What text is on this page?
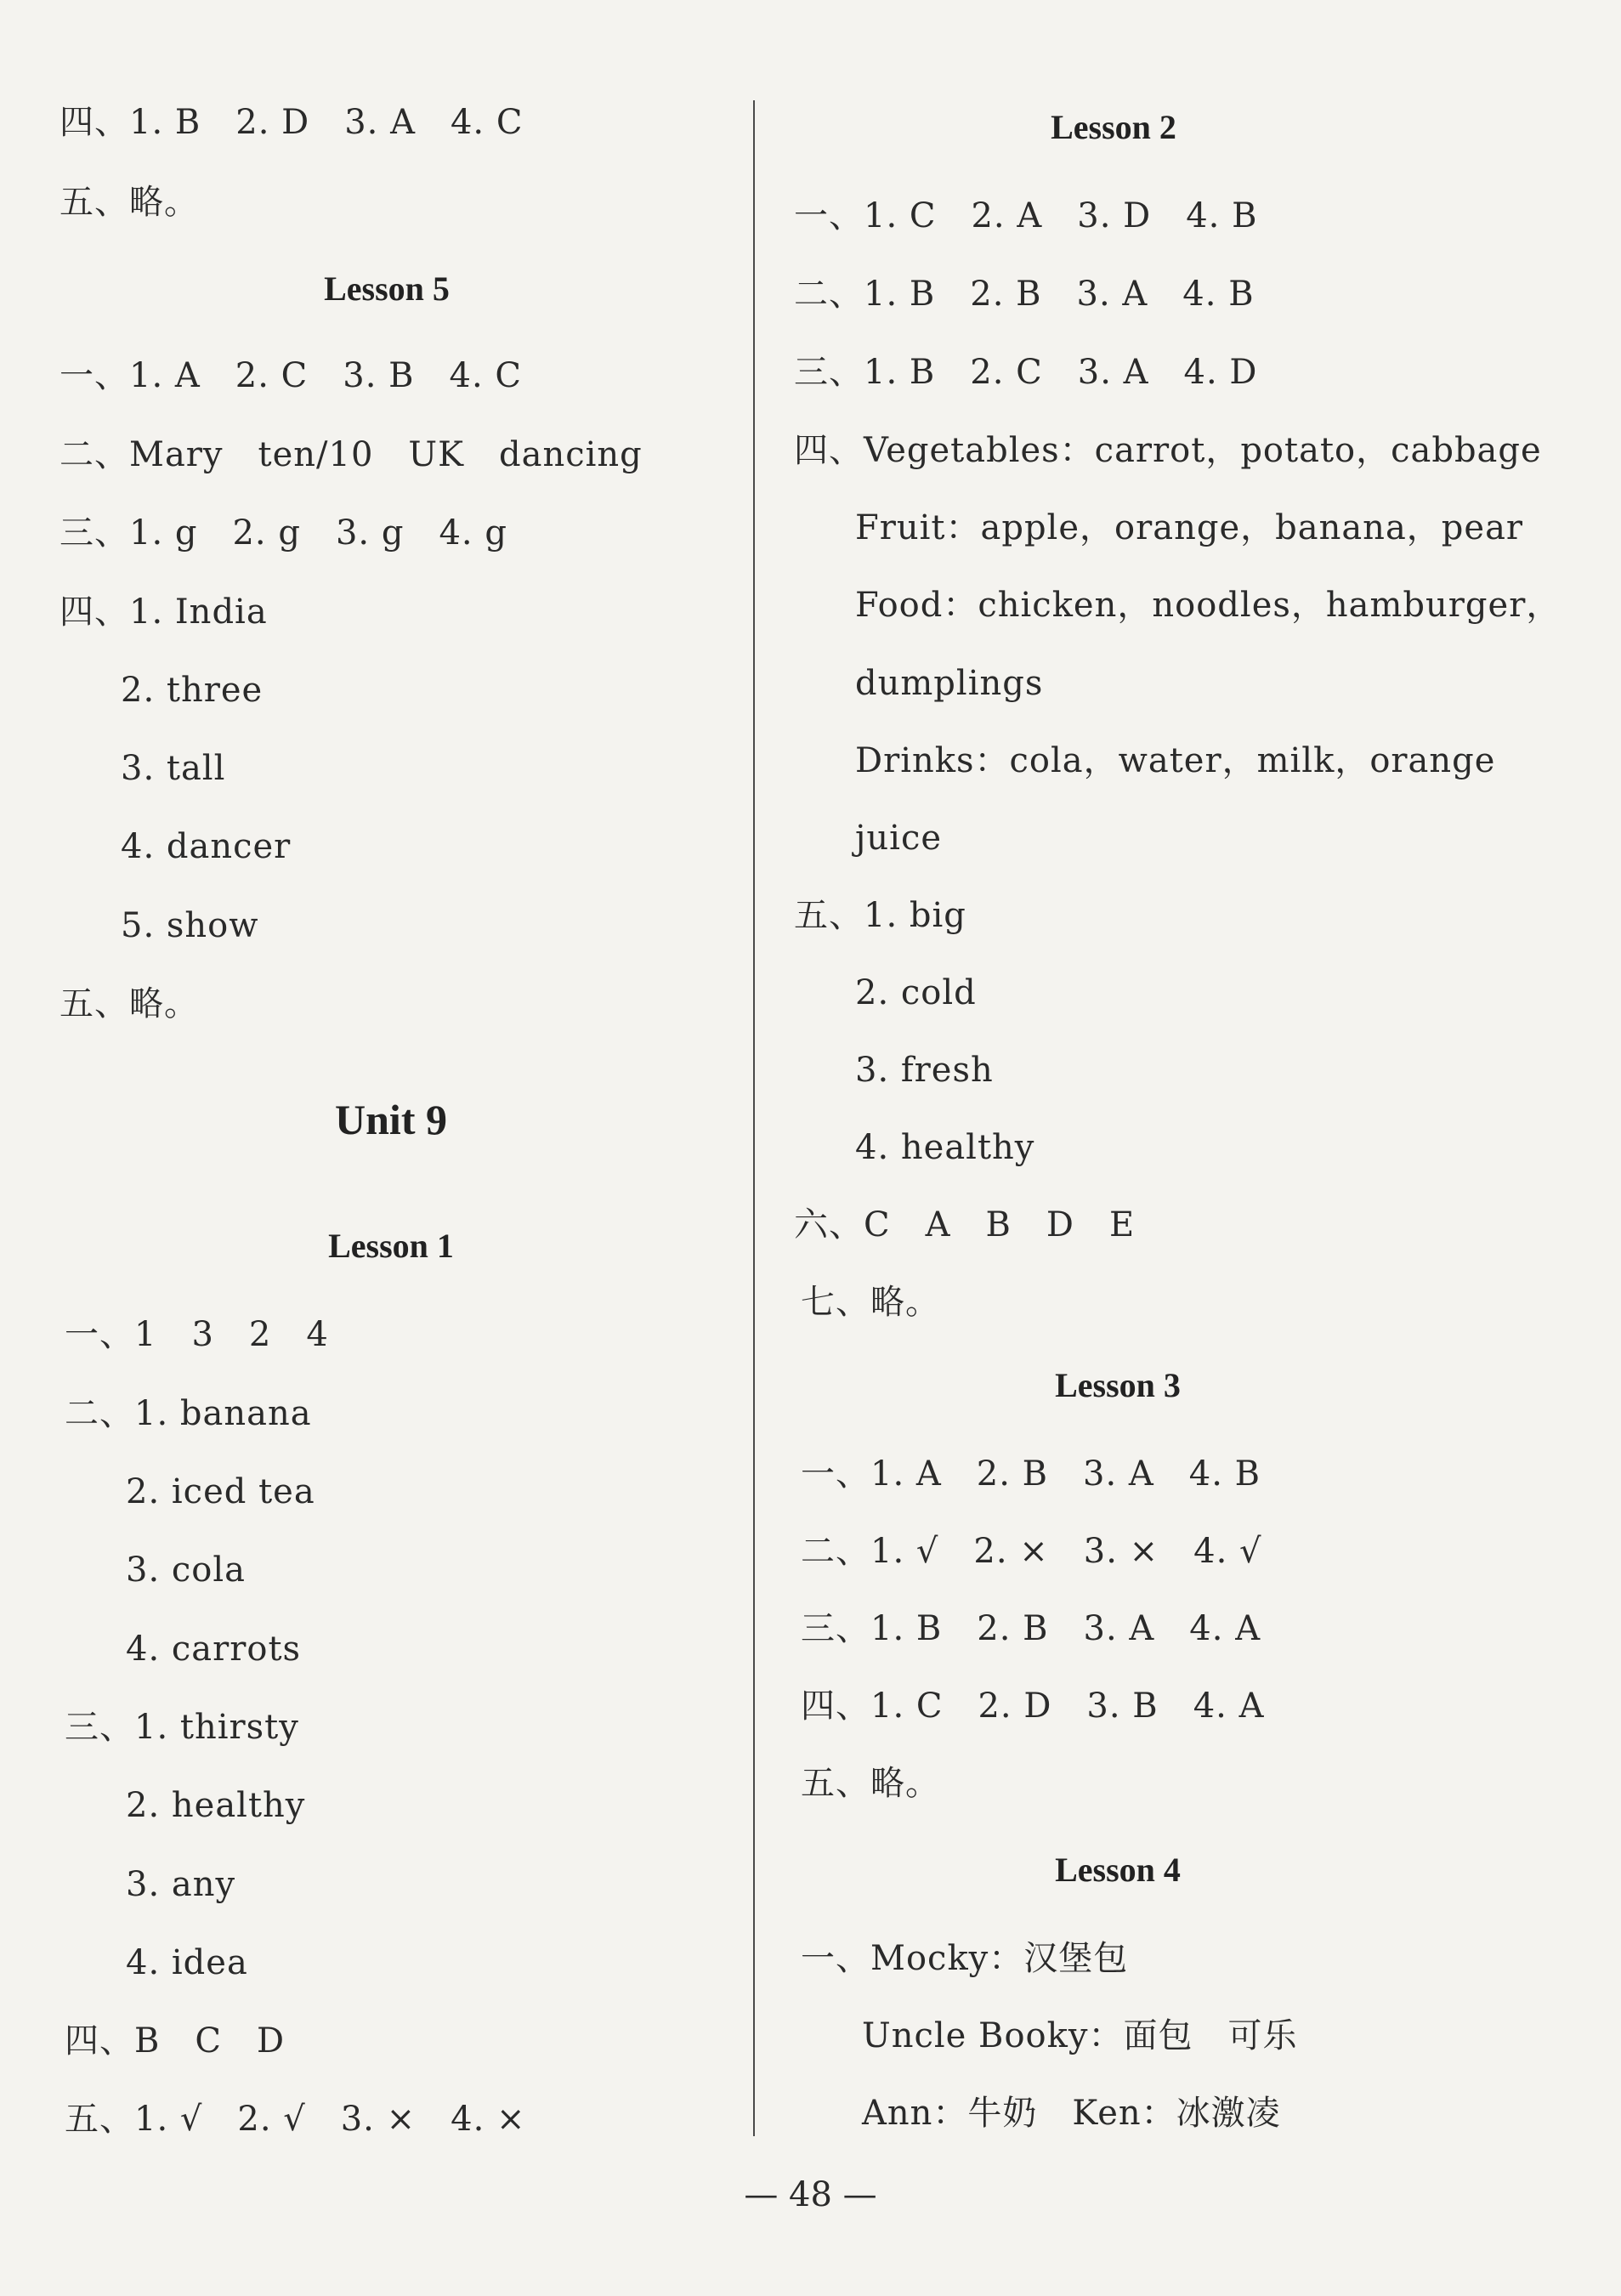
四、1. B　2. D　3. A　4. C
五、略。
Lesson 5
一、1. A　2. C　3. B　4. C
二、Mary　ten/10　UK　dancing
三、1. g　2. g　3. g　4. g
四、1. India
2. three
3. tall
4. dancer
5. show
五、略。
Unit 9
Lesson 1
一、1　3　2　4
二、1. banana
2. iced tea
3. cola
4. carrots
三、1. thirsty
2. healthy
3. any
4. idea
四、B　C　D
五、1. √　2. √　3. ×　4. ×
Lesson 2
一、1. C　2. A　3. D　4. B
二、1. B　2. B　3. A　4. B
三、1. B　2. C　3. A　4. D
四、Vegetables：carrot，potato，cabbage
Fruit：apple，orange，banana，pear
Food：chicken，noodles，hamburger，
dumplings
Drinks：cola，water，milk，orange
juice
五、1. big
2. cold
3. fresh
4. healthy
六、C　A　B　D　E
七、略。
Lesson 3
一、1. A　2. B　3. A　4. B
二、1. √　2. ×　3. ×　4. √
三、1. B　2. B　3. A　4. A
四、1. C　2. D　3. B　4. A
五、略。
Lesson 4
一、Mocky：汉堡包
Uncle Booky：面包　可乐
Ann：牛奶　Ken：冰激凌
— 48 —
